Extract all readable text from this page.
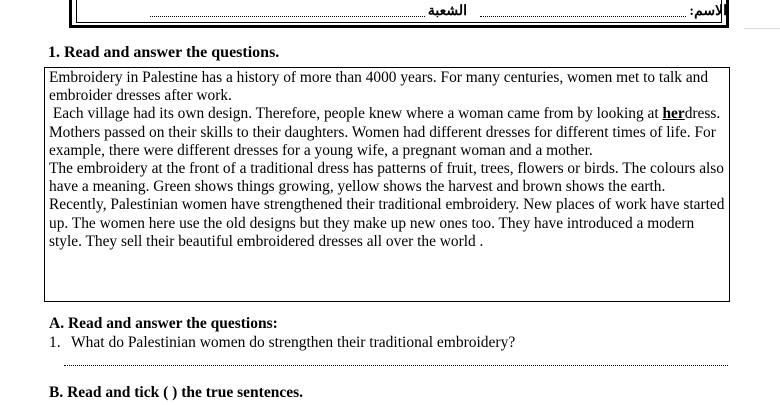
الاسم:
الشعبة
1. Read and answer the questions.

Embroidery in Palestine has a history of more than 4000 years. For many centuries, women met to talk and embroider dresses after work.

Each village had its own design. Therefore, people knew where a woman came from by looking at herdress. Mothers passed on their skills to their daughters. Women had different dresses for different times of life. For example, there were different dresses for a young wife, a pregnant woman and a mother.

The embroidery at the front of a traditional dress has patterns of fruit, trees, flowers or birds. The colours also have a meaning. Green shows things growing, yellow shows the harvest and brown shows the earth.

Recently, Palestinian women have strengthened their traditional embroidery. New places of work have started up. The women here use the old designs but they make up new ones too. They have introduced a modern style. They sell their beautiful embroidered dresses all over the world .

A. Read and answer the questions:
1. What do Palestinian women do strengthen their traditional embroidery?
B. Read and tick ( ) the true sentences.
